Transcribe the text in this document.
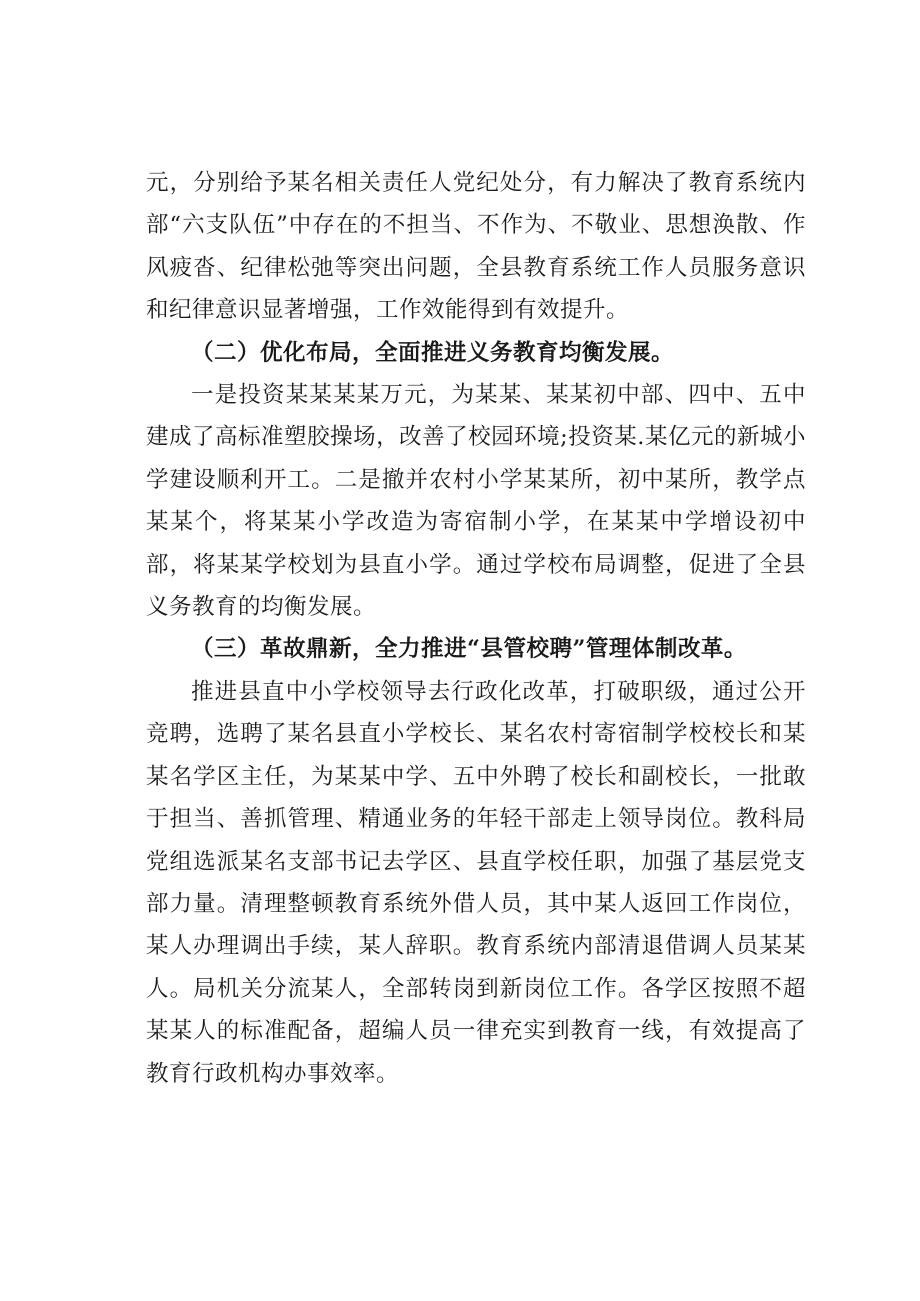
元，分别给予某名相关责任人党纪处分，有力解决了教育系统内部“六支队伍”中存在的不担当、不作为、不敬业、思想涣散、作风疲沓、纪律松弛等突出问题，全县教育系统工作人员服务意识和纪律意识显著增强，工作效能得到有效提升。

（二）优化布局，全面推进义务教育均衡发展。

一是投资某某某某万元，为某某、某某初中部、四中、五中建成了高标准塑胶操场，改善了校园环境;投资某.某亿元的新城小学建设顺利开工。二是撤并农村小学某某所，初中某所，教学点某某个，将某某小学改造为寄宿制小学，在某某中学增设初中部，将某某学校划为县直小学。通过学校布局调整，促进了全县义务教育的均衡发展。

（三）革故鼎新，全力推进“县管校聘”管理体制改革。

推进县直中小学校领导去行政化改革，打破职级，通过公开竞聘，选聘了某名县直小学校长、某名农村寄宿制学校校长和某某名学区主任，为某某中学、五中外聘了校长和副校长，一批敢于担当、善抓管理、精通业务的年轻干部走上领导岗位。教科局党组选派某名支部书记去学区、县直学校任职，加强了基层党支部力量。清理整顿教育系统外借人员，其中某人返回工作岗位，某人办理调出手续，某人辞职。教育系统内部清退借调人员某某人。局机关分流某人，全部转岗到新岗位工作。各学区按照不超某某人的标准配备，超编人员一律充实到教育一线，有效提高了教育行政机构办事效率。
